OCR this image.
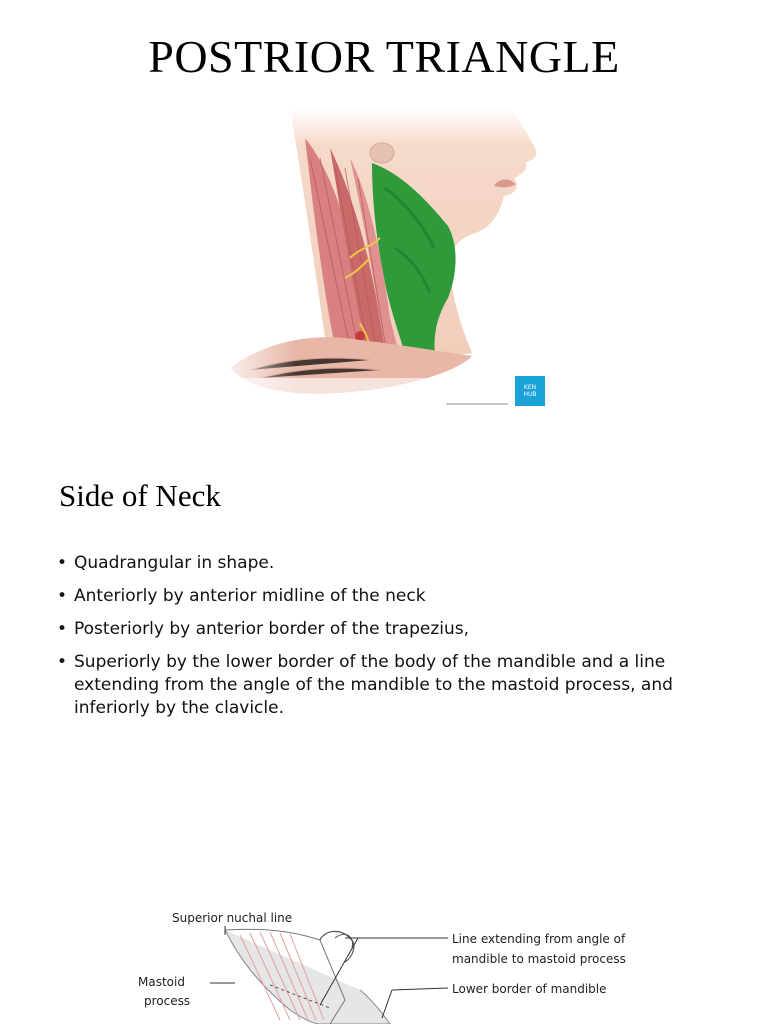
POSTRIOR TRIANGLE
KEN
HUB
Side of Neck
• Quadrangular in shape.
• Anteriorly by anterior midline of the neck
• Posteriorly by anterior border of the trapezius,
• Superiorly by the lower border of the body of the mandible and a line extending from the angle of the mandible to the mastoid process, and inferiorly by the clavicle.
Superior nuchal line
Mastoid
process
Line extending from angle of
mandible to mastoid process
Lower border of mandible
